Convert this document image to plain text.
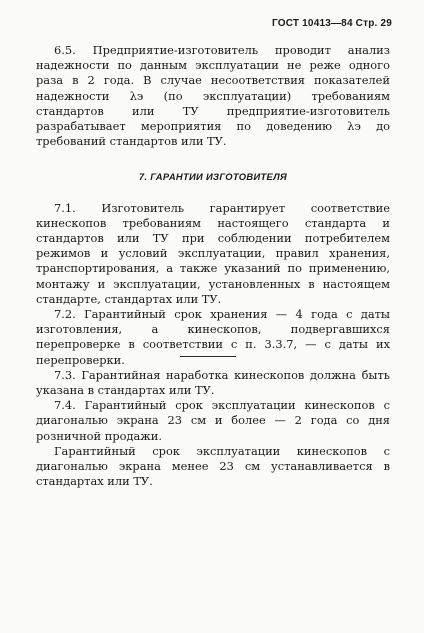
ГОСТ 10413—84 Стр. 29

6.5. Предприятие-изготовитель проводит анализ надежности по данным эксплуатации не реже одного раза в 2 года. В случае несоответствия показателей надежности λэ (по эксплуатации) требованиям стандартов или ТУ предприятие-изготовитель разрабатывает мероприятия по доведению λэ до требований стандартов или ТУ.

7. ГАРАНТИИ ИЗГОТОВИТЕЛЯ

7.1. Изготовитель гарантирует соответствие кинескопов требованиям настоящего стандарта и стандартов или ТУ при соблюдении потребителем режимов и условий эксплуатации, правил хранения, транспортирования, а также указаний по применению, монтажу и эксплуатации, установленных в настоящем стандарте, стандартах или ТУ.

7.2. Гарантийный срок хранения — 4 года с даты изготовления, а кинескопов, подвергавшихся перепроверке в соответствии с п. 3.3.7, — с даты их перепроверки.

7.3. Гарантийная наработка кинескопов должна быть указана в стандартах или ТУ.

7.4. Гарантийный срок эксплуатации кинескопов с диагональю экрана 23 см и более — 2 года со дня розничной продажи.

Гарантийный срок эксплуатации кинескопов с диагональю экрана менее 23 см устанавливается в стандартах или ТУ.
